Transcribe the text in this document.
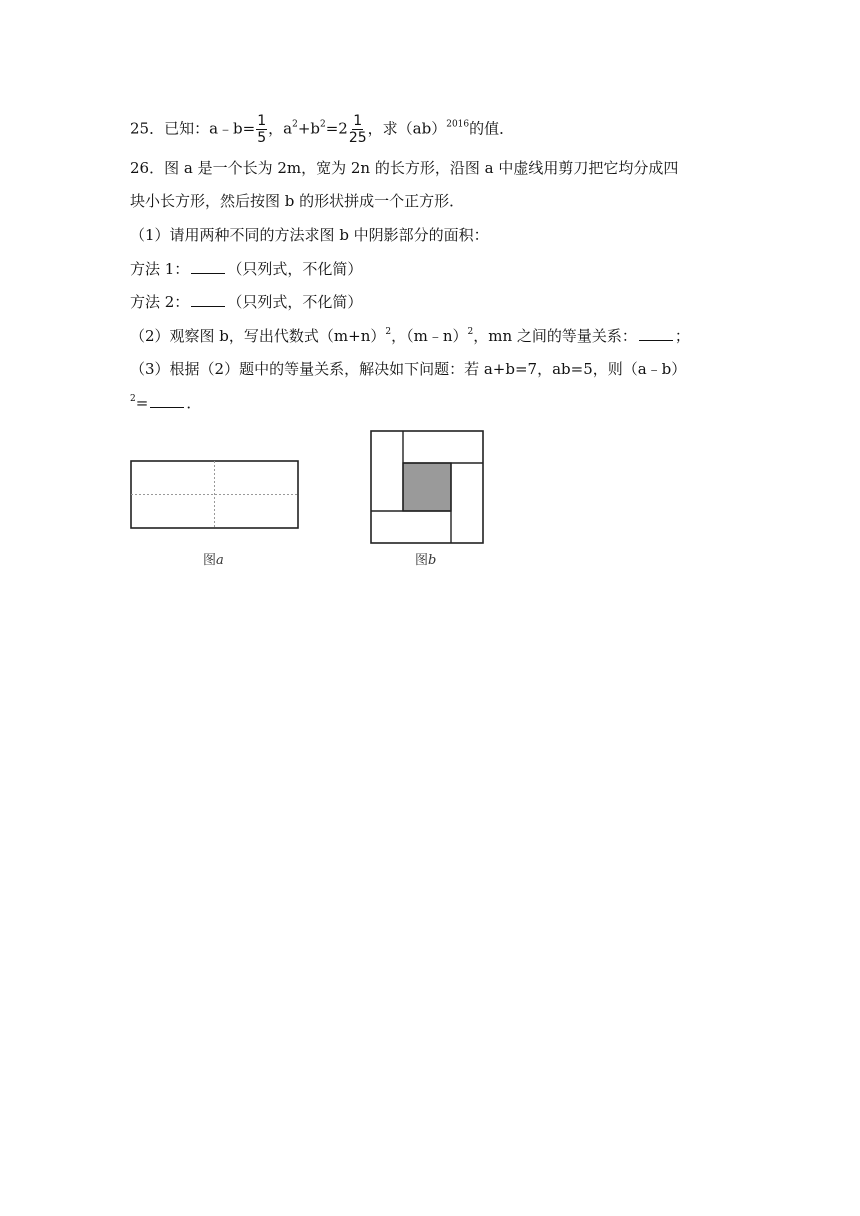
25．已知：a﹣b= $\frac{1}{5}$ ，$a^2+b^2=2 \frac{1}{25}$ ，求（ab）$^{2016}$的值．
26．图 a 是一个长为 2m，宽为 2n 的长方形，沿图 a 中虚线用剪刀把它均分成四
块小长方形，然后按图 b 的形状拼成一个正方形．
（1）请用两种不同的方法求图 b 中阴影部分的面积：
方法 1：	（只列式，不化简）
方法 2：	（只列式，不化简）
（2）观察图 b，写出代数式$(m+n)^2$，（m﹣n）$^2$，mn 之间的等量关系：	；
（3）根据（2）题中的等量关系，解决如下问题：若 a+b=7，ab=5，则（a﹣b）
$^2$=	．
图a	图b
